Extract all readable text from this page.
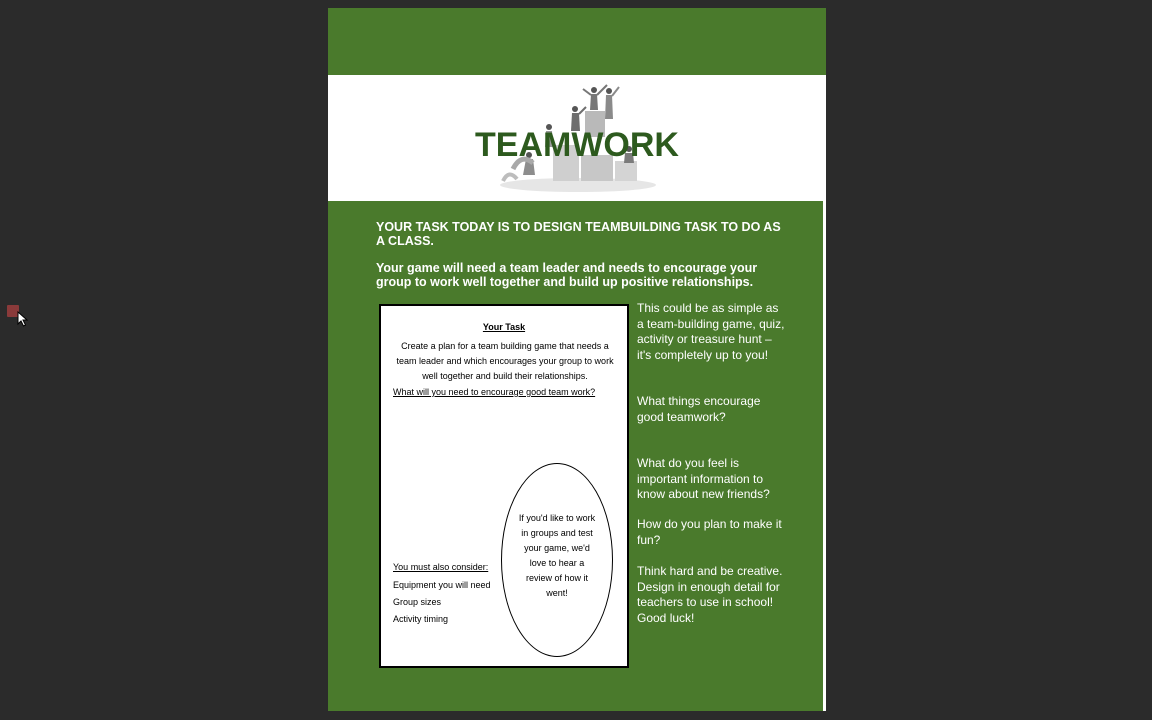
TEAMWORK
YOUR TASK TODAY IS TO DESIGN TEAMBUILDING TASK TO DO AS A CLASS.
Your game will need a team leader and needs to encourage your group to work well together and build up positive relationships.
Your Task
Create a plan for a team building game that needs a team leader and which encourages your group to work well together and build their relationships.
What will you need to encourage good team work?
If you'd like to work in groups and test your game, we'd love to hear a review of how it went!
You must also consider:
Equipment you will need
Group sizes
Activity timing
This could be as simple as a team-building game, quiz, activity or treasure hunt – it's completely up to you!
What things encourage good teamwork?
What do you feel is important information to know about new friends?
How do you plan to make it fun?
Think hard and be creative. Design in enough detail for teachers to use in school! Good luck!
